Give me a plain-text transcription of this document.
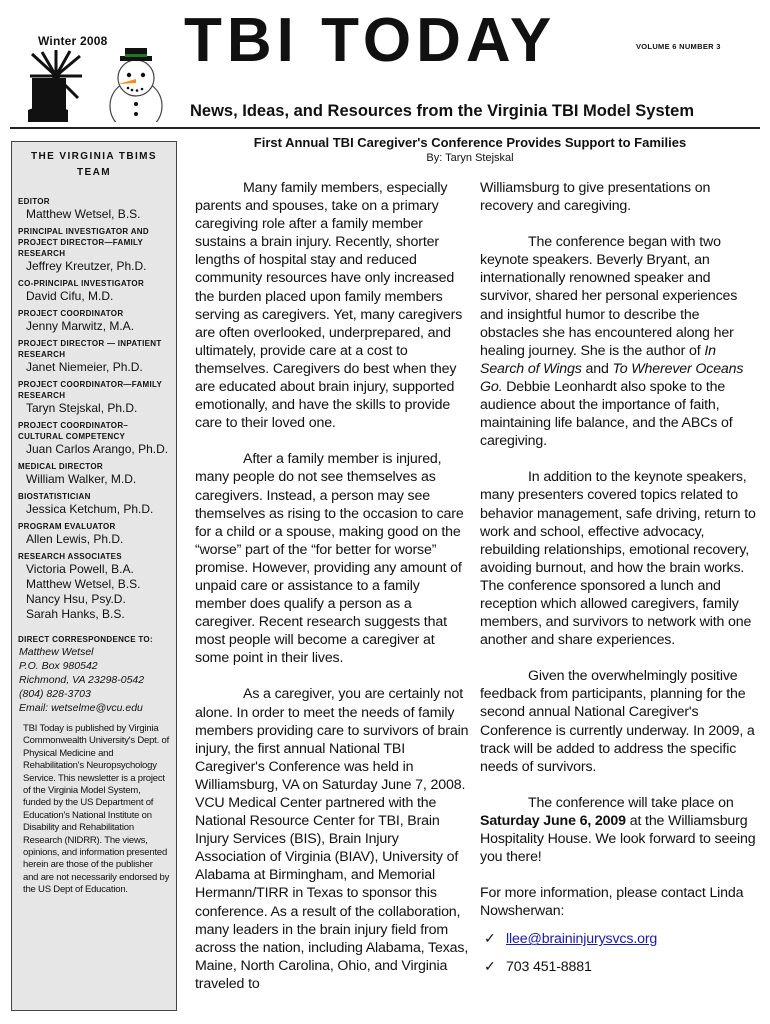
Winter 2008 TBI TODAY	VOLUME 6 NUMBER 3
News, Ideas, and Resources from the Virginia TBI Model System
THE VIRGINIA TBIMS TEAM
EDITOR
Matthew Wetsel, B.S.
PRINCIPAL INVESTIGATOR AND PROJECT DIRECTOR—FAMILY RESEARCH
Jeffrey Kreutzer, Ph.D.
CO-PRINCIPAL INVESTIGATOR
David Cifu, M.D.
PROJECT COORDINATOR
Jenny Marwitz, M.A.
PROJECT DIRECTOR — INPATIENT RESEARCH
Janet Niemeier, Ph.D.
PROJECT COORDINATOR—FAMILY RESEARCH
Taryn Stejskal, Ph.D.
PROJECT COORDINATOR– CULTURAL COMPETENCY
Juan Carlos Arango, Ph.D.
MEDICAL DIRECTOR
William Walker, M.D.
BIOSTATISTICIAN
Jessica Ketchum, Ph.D.
PROGRAM EVALUATOR
Allen Lewis, Ph.D.
RESEARCH ASSOCIATES
Victoria Powell, B.A.
Matthew Wetsel, B.S.
Nancy Hsu, Psy.D.
Sarah Hanks, B.S.
DIRECT CORRESPONDENCE TO:
Matthew Wetsel
P.O. Box 980542
Richmond, VA 23298-0542
(804) 828-3703
Email: wetselme@vcu.edu
TBI Today is published by Virginia Commonwealth University's Dept. of Physical Medicine and Rehabilitation's Neuropsychology Service. This newsletter is a project of the Virginia Model System, funded by the US Department of Education's National Institute on Disability and Rehabilitation Research (NIDRR). The views, opinions, and information presented herein are those of the publisher and are not necessarily endorsed by the US Dept of Education.
First Annual TBI Caregiver's Conference Provides Support to Families
By: Taryn Stejskal

Many family members, especially parents and spouses, take on a primary caregiving role after a family member sustains a brain injury. Recently, shorter lengths of hospital stay and reduced community resources have only increased the burden placed upon family members serving as caregivers. Yet, many caregivers are often overlooked, underprepared, and ultimately, provide care at a cost to themselves. Caregivers do best when they are educated about brain injury, supported emotionally, and have the skills to provide care to their loved one.

After a family member is injured, many people do not see themselves as caregivers. Instead, a person may see themselves as rising to the occasion to care for a child or a spouse, making good on the “worse” part of the “for better for worse” promise. However, providing any amount of unpaid care or assistance to a family member does qualify a person as a caregiver. Recent research suggests that most people will become a caregiver at some point in their lives.

As a caregiver, you are certainly not alone. In order to meet the needs of family members providing care to survivors of brain injury, the first annual National TBI Caregiver's Conference was held in Williamsburg, VA on Saturday June 7, 2008. VCU Medical Center partnered with the National Resource Center for TBI, Brain Injury Services (BIS), Brain Injury Association of Virginia (BIAV), University of Alabama at Birmingham, and Memorial Hermann/TIRR in Texas to sponsor this conference. As a result of the collaboration, many leaders in the brain injury field from across the nation, including Alabama, Texas, Maine, North Carolina, Ohio, and Virginia traveled to

Williamsburg to give presentations on recovery and caregiving.

The conference began with two keynote speakers. Beverly Bryant, an internationally renowned speaker and survivor, shared her personal experiences and insightful humor to describe the obstacles she has encountered along her healing journey. She is the author of In Search of Wings and To Wherever Oceans Go. Debbie Leonhardt also spoke to the audience about the importance of faith, maintaining life balance, and the ABCs of caregiving.

In addition to the keynote speakers, many presenters covered topics related to behavior management, safe driving, return to work and school, effective advocacy, rebuilding relationships, emotional recovery, avoiding burnout, and how the brain works. The conference sponsored a lunch and reception which allowed caregivers, family members, and survivors to network with one another and share experiences.

Given the overwhelmingly positive feedback from participants, planning for the second annual National Caregiver's Conference is currently underway. In 2009, a track will be added to address the specific needs of survivors.

The conference will take place on Saturday June 6, 2009 at the Williamsburg Hospitality House. We look forward to seeing you there!

For more information, please contact Linda Nowsherwan:

✓ llee@braininjurysvcs.org
✓ 703 451-8881
